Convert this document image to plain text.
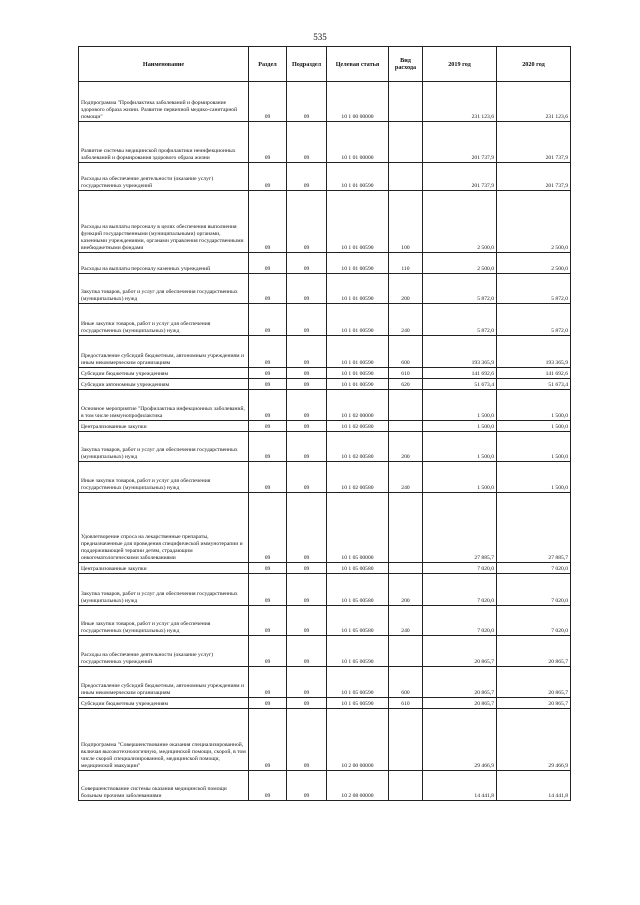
535
Наименование	Раздел	Подраздел	Целевая статья	Вид расхода	2019 год	2020 год
Подпрограмма "Профилактика заболеваний и формирование здорового образа жизни. Развитие первичной медико-санитарной помощи"	09	09	10 1 00 00000		231 123,6	231 123,6
Развитие системы медицинской профилактики неинфекционных заболеваний и формирования здорового образа жизни	09	09	10 1 01 00000		201 737,9	201 737,9
Расходы на обеспечение деятельности (оказание услуг) государственных учреждений	09	09	10 1 01 00590		201 737,9	201 737,9
Расходы на выплаты персоналу в целях обеспечения выполнения функций государственными (муниципальными) органами, казенными учреждениями, органами управления государственными внебюджетными фондами	09	09	10 1 01 00590	100	2 500,0	2 500,0
Расходы на выплаты персоналу казенных учреждений	09	09	10 1 01 00590	110	2 500,0	2 500,0
Закупка товаров, работ и услуг для обеспечения государственных (муниципальных) нужд	09	09	10 1 01 00590	200	5 872,0	5 872,0
Иные закупки товаров, работ и услуг для обеспечения государственных (муниципальных) нужд	09	09	10 1 01 00590	240	5 872,0	5 872,0
Предоставление субсидий бюджетным, автономным учреждениям и иным некоммерческим организациям	09	09	10 1 01 00590	600	193 365,9	193 365,9
Субсидии бюджетным учреждениям	09	09	10 1 01 00590	610	141 692,6	141 692,6
Субсидии автономным учреждениям	09	09	10 1 01 00590	620	51 673,4	51 673,4
Основное мероприятие "Профилактика инфекционных заболеваний, в том числе иммунопрофилактика	09	09	10 1 02 00000		1 500,0	1 500,0
Централизованные закупки	09	09	10 1 02 00580		1 500,0	1 500,0
Закупка товаров, работ и услуг для обеспечения государственных (муниципальных) нужд	09	09	10 1 02 00580	200	1 500,0	1 500,0
Иные закупки товаров, работ и услуг для обеспечения государственных (муниципальных) нужд	09	09	10 1 02 00580	240	1 500,0	1 500,0
Удовлетворение спроса на лекарственные препараты, предназначенные для проведения специфической иммунотерапии и поддерживающей терапии детям, страдающим онкогематологическими заболеваниями	09	09	10 1 05 00000		27 885,7	27 885,7
Централизованные закупки	09	09	10 1 05 00580		7 020,0	7 020,0
Закупка товаров, работ и услуг для обеспечения государственных (муниципальных) нужд	09	09	10 1 05 00580	200	7 020,0	7 020,0
Иные закупки товаров, работ и услуг для обеспечения государственных (муниципальных) нужд	09	09	10 1 05 00580	240	7 020,0	7 020,0
Расходы на обеспечение деятельности (оказание услуг) государственных учреждений	09	09	10 1 05 00590		20 865,7	20 865,7
Предоставление субсидий бюджетным, автономным учреждениям и иным некоммерческим организациям	09	09	10 1 05 00590	600	20 865,7	20 865,7
Субсидии бюджетным учреждениям	09	09	10 1 05 00590	610	20 865,7	20 865,7
Подпрограмма "Совершенствование оказания специализированной, включая высокотехнологичную, медицинской помощи, скорой, в том числе скорой специализированной, медицинской помощи, медицинской эвакуации"	09	09	10 2 00 00000		29 466,9	29 466,9
Совершенствование системы оказания медицинской помощи больным прочими заболеваниями	09	09	10 2 08 00000		14 441,8	14 441,8
